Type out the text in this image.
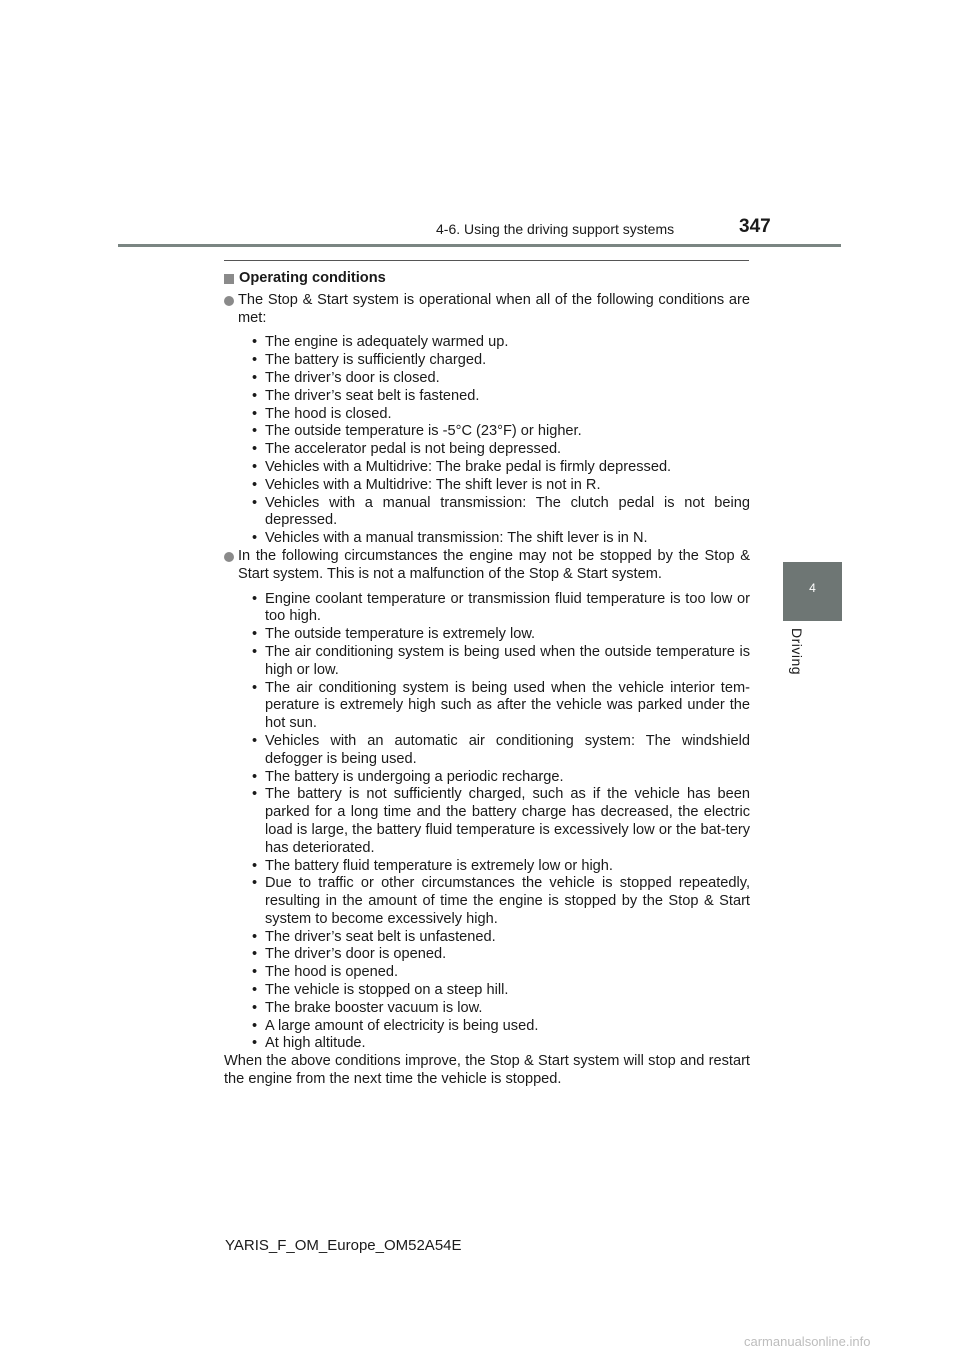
4-6. Using the driving support systems	347
4
Driving
Operating conditions

The Stop & Start system is operational when all of the following conditions are met:

• The engine is adequately warmed up.
• The battery is sufficiently charged.
• The driver’s door is closed.
• The driver’s seat belt is fastened.
• The hood is closed.
• The outside temperature is -5°C (23°F) or higher.
• The accelerator pedal is not being depressed.
• Vehicles with a Multidrive: The brake pedal is firmly depressed.
• Vehicles with a Multidrive: The shift lever is not in R.
• Vehicles with a manual transmission: The clutch pedal is not being depressed.
• Vehicles with a manual transmission: The shift lever is in N.

In the following circumstances the engine may not be stopped by the Stop & Start system. This is not a malfunction of the Stop & Start system.

• Engine coolant temperature or transmission fluid temperature is too low or too high.
• The outside temperature is extremely low.
• The air conditioning system is being used when the outside temperature is high or low.
• The air conditioning system is being used when the vehicle interior tem-perature is extremely high such as after the vehicle was parked under the hot sun.
• Vehicles with an automatic air conditioning system: The windshield defogger is being used.
• The battery is undergoing a periodic recharge.
• The battery is not sufficiently charged, such as if the vehicle has been parked for a long time and the battery charge has decreased, the electric load is large, the battery fluid temperature is excessively low or the bat-tery has deteriorated.
• The battery fluid temperature is extremely low or high.
• Due to traffic or other circumstances the vehicle is stopped repeatedly, resulting in the amount of time the engine is stopped by the Stop & Start system to become excessively high.
• The driver’s seat belt is unfastened.
• The driver’s door is opened.
• The hood is opened.
• The vehicle is stopped on a steep hill.
• The brake booster vacuum is low.
• A large amount of electricity is being used.
• At high altitude.

When the above conditions improve, the Stop & Start system will stop and restart the engine from the next time the vehicle is stopped.

YARIS_F_OM_Europe_OM52A54E
carmanualsonline.info
